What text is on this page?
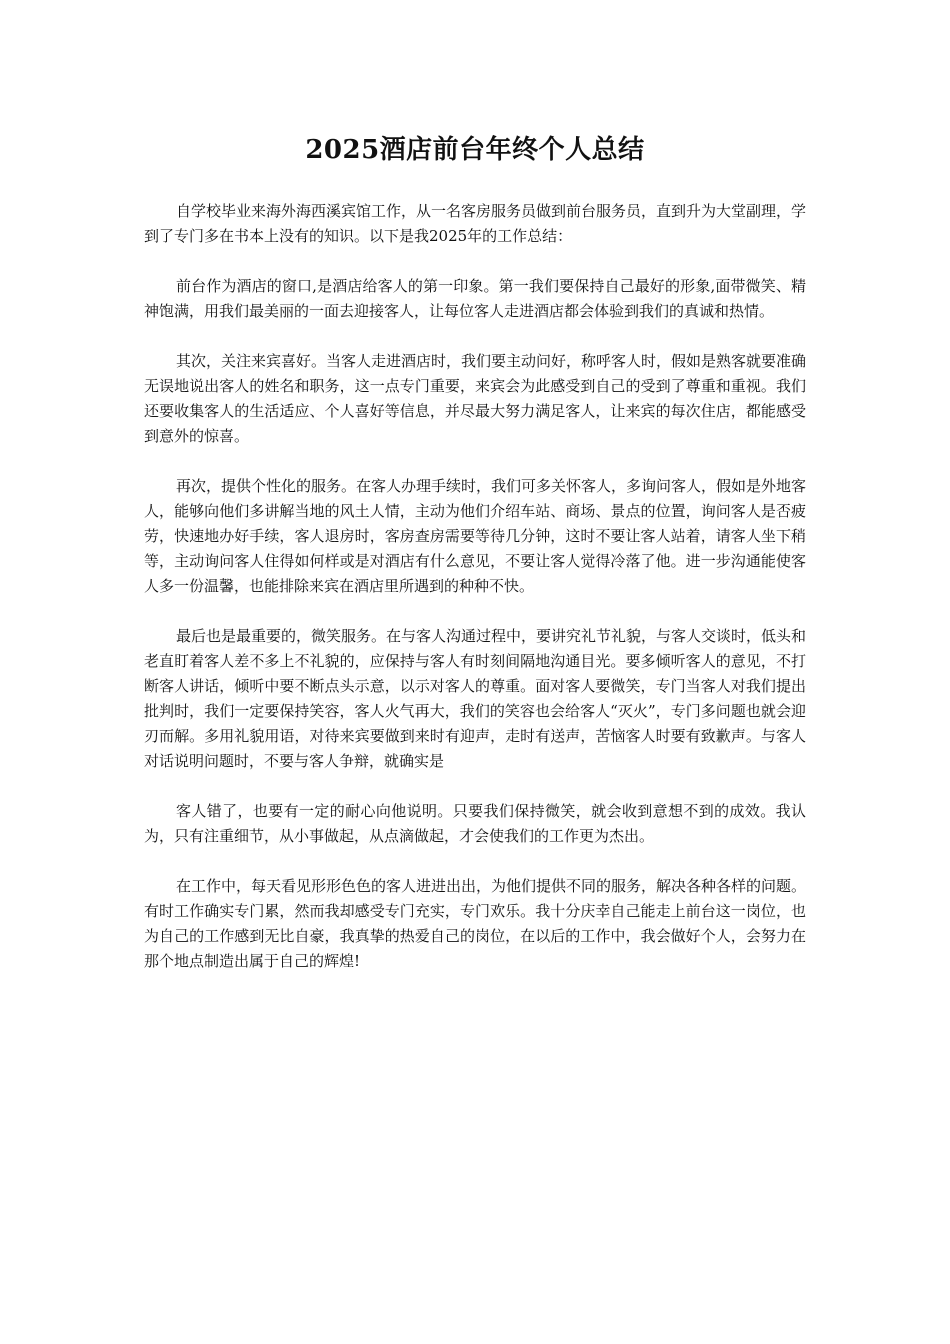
2025酒店前台年终个人总结

自学校毕业来海外海西溪宾馆工作，从一名客房服务员做到前台服务员，直到升为大堂副理，学到了专门多在书本上没有的知识。以下是我2025年的工作总结：

前台作为酒店的窗口,是酒店给客人的第一印象。第一我们要保持自己最好的形象,面带微笑、精神饱满，用我们最美丽的一面去迎接客人，让每位客人走进酒店都会体验到我们的真诚和热情。

其次，关注来宾喜好。当客人走进酒店时，我们要主动问好，称呼客人时，假如是熟客就要准确无误地说出客人的姓名和职务，这一点专门重要，来宾会为此感受到自己的受到了尊重和重视。我们还要收集客人的生活适应、个人喜好等信息，并尽最大努力满足客人，让来宾的每次住店，都能感受到意外的惊喜。

再次，提供个性化的服务。在客人办理手续时，我们可多关怀客人，多询问客人，假如是外地客人，能够向他们多讲解当地的风土人情，主动为他们介绍车站、商场、景点的位置，询问客人是否疲劳，快速地办好手续，客人退房时，客房查房需要等待几分钟，这时不要让客人站着，请客人坐下稍等，主动询问客人住得如何样或是对酒店有什么意见，不要让客人觉得冷落了他。进一步沟通能使客人多一份温馨，也能排除来宾在酒店里所遇到的种种不快。

最后也是最重要的，微笑服务。在与客人沟通过程中，要讲究礼节礼貌，与客人交谈时，低头和老直盯着客人差不多上不礼貌的，应保持与客人有时刻间隔地沟通目光。要多倾听客人的意见，不打断客人讲话，倾听中要不断点头示意，以示对客人的尊重。面对客人要微笑，专门当客人对我们提出批判时，我们一定要保持笑容，客人火气再大，我们的笑容也会给客人“灭火”，专门多问题也就会迎刃而解。多用礼貌用语，对待来宾要做到来时有迎声，走时有送声，苦恼客人时要有致歉声。与客人对话说明问题时，不要与客人争辩，就确实是

客人错了，也要有一定的耐心向他说明。只要我们保持微笑，就会收到意想不到的成效。我认为，只有注重细节，从小事做起，从点滴做起，才会使我们的工作更为杰出。

在工作中，每天看见形形色色的客人进进出出，为他们提供不同的服务，解决各种各样的问题。有时工作确实专门累，然而我却感受专门充实，专门欢乐。我十分庆幸自己能走上前台这一岗位，也为自己的工作感到无比自豪，我真挚的热爱自己的岗位，在以后的工作中，我会做好个人，会努力在那个地点制造出属于自己的辉煌!
